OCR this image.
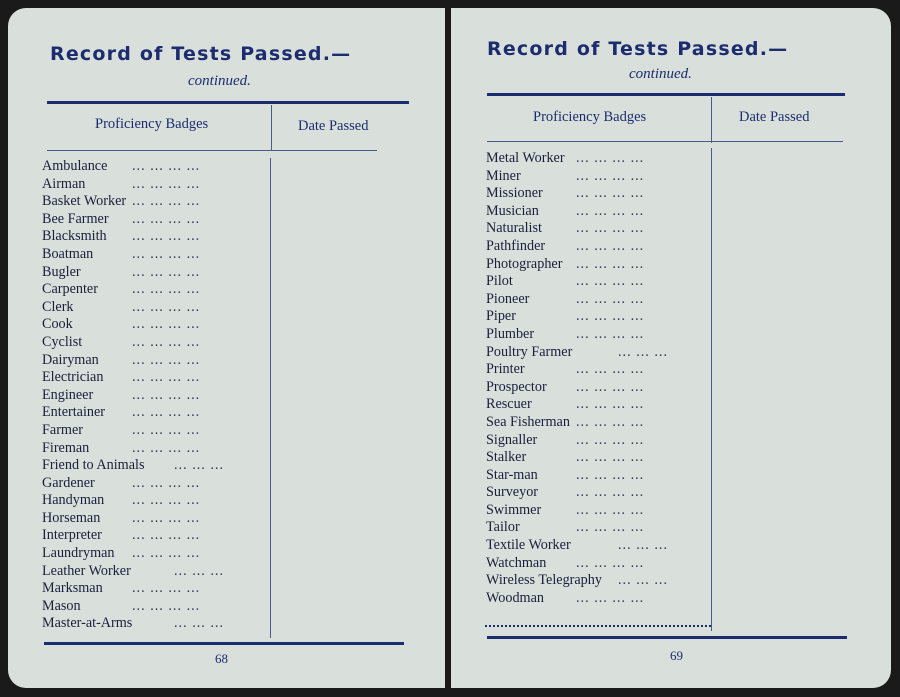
Record of Tests Passed.—
continued.
Proficiency Badges	Date Passed
Ambulance ... ... ... ...
Airman	... ... ... ...
Basket Worker ... ... ... ...
Bee Farmer ... ... ... ...
Blacksmith ... ... ... ...
Boatman	... ... ... ...
Bugler	... ... ... ...
Carpenter ... ... ... ...
Clerk	... ... ... ...
Cook	... ... ... ...
Cyclist	... ... ... ...
Dairyman ... ... ... ...
Electrician ... ... ... ...
Engineer	... ... ... ...
Entertainer ... ... ... ...
Farmer	... ... ... ...
Fireman	... ... ... ...
Friend to Animals ... ... ...
Gardener	... ... ... ...
Handyman ... ... ... ...
Horseman ... ... ... ...
Interpreter ... ... ... ...
Laundryman ... ... ... ...
Leather Worker	... ... ...
Marksman ... ... ... ...
Mason	... ... ... ...
Master-at-Arms	... ... ...
68
Record of Tests Passed.—
continued.
Proficiency Badges	Date Passed
Metal Worker ... ... ... ...
Miner	... ... ... ...
Missioner ... ... ... ...
Musician	... ... ... ...
Naturalist ... ... ... ...
Pathfinder ... ... ... ...
Photographer ... ... ... ...
Pilot	... ... ... ...
Pioneer	... ... ... ...
Piper	... ... ... ...
Plumber	... ... ... ...
Poultry Farmer	... ... ...
Printer	... ... ... ...
Prospector ... ... ... ...
Rescuer	... ... ... ...
Sea Fisherman ... ... ... ...
Signaller	... ... ... ...
Stalker	... ... ... ...
Star-man	... ... ... ...
Surveyor	... ... ... ...
Swimmer ... ... ... ...
Tailor	... ... ... ...
Textile Worker	... ... ...
Watchman ... ... ... ...
Wireless Telegraphy ... ... ...
Woodman ... ... ... ...
69
